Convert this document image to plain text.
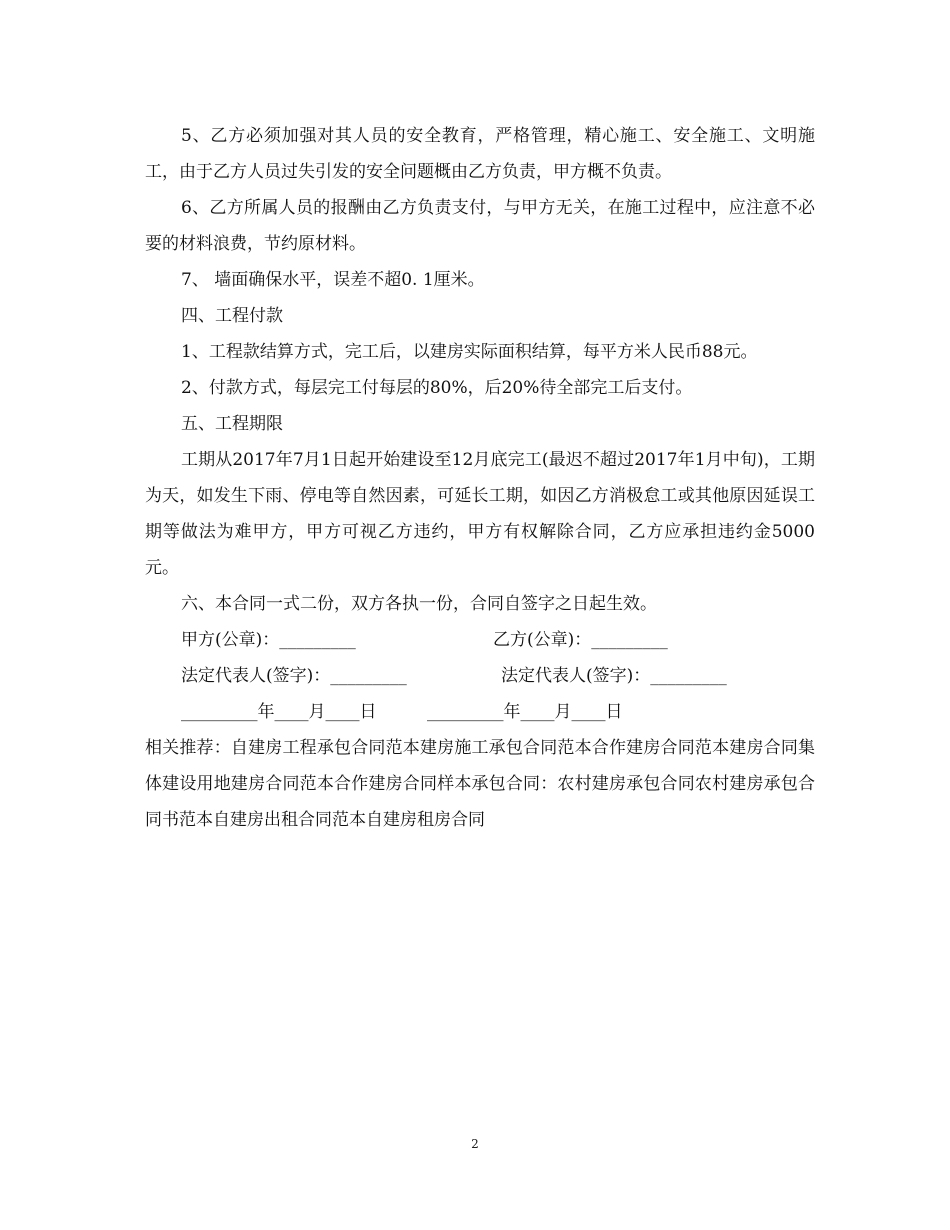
5、乙方必须加强对其人员的安全教育，严格管理，精心施工、安全施工、文明施工，由于乙方人员过失引发的安全问题概由乙方负责，甲方概不负责。

6、乙方所属人员的报酬由乙方负责支付，与甲方无关，在施工过程中，应注意不必要的材料浪费，节约原材料。

7、 墙面确保水平，误差不超0. 1厘米。

四、工程付款

1、工程款结算方式，完工后，以建房实际面积结算，每平方米人民币88元。

2、付款方式，每层完工付每层的80%，后20%待全部完工后支付。

五、工程期限

工期从2017年7月1日起开始建设至12月底完工(最迟不超过2017年1月中旬)，工期为天，如发生下雨、停电等自然因素，可延长工期，如因乙方消极怠工或其他原因延误工期等做法为难甲方，甲方可视乙方违约，甲方有权解除合同，乙方应承担违约金5000元。

六、本合同一式二份，双方各执一份，合同自签字之日起生效。

甲方(公章)：_________	乙方(公章)：_________
法定代表人(签字)：_________	法定代表人(签字)：_________
_________年____月____日	_________年____月____日

相关推荐：自建房工程承包合同范本建房施工承包合同范本合作建房合同范本建房合同集体建设用地建房合同范本合作建房合同样本承包合同：农村建房承包合同农村建房承包合同书范本自建房出租合同范本自建房租房合同

2
